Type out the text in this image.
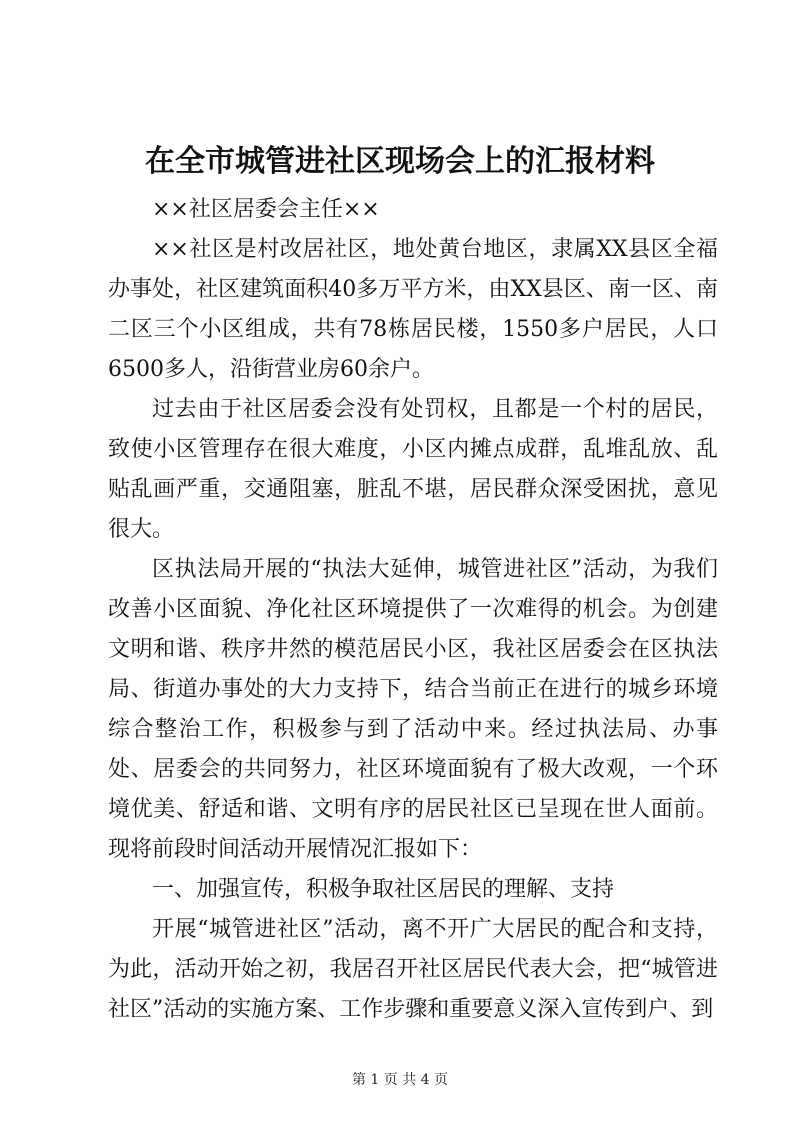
在全市城管进社区现场会上的汇报材料

××社区居委会主任××

××社区是村改居社区，地处黄台地区，隶属XX县区全福办事处，社区建筑面积40多万平方米，由XX县区、南一区、南二区三个小区组成，共有78栋居民楼，1550多户居民，人口6500多人，沿街营业房60余户。

过去由于社区居委会没有处罚权，且都是一个村的居民，致使小区管理存在很大难度，小区内摊点成群，乱堆乱放、乱贴乱画严重，交通阻塞，脏乱不堪，居民群众深受困扰，意见很大。

区执法局开展的“执法大延伸，城管进社区”活动，为我们改善小区面貌、净化社区环境提供了一次难得的机会。为创建文明和谐、秩序井然的模范居民小区，我社区居委会在区执法局、街道办事处的大力支持下，结合当前正在进行的城乡环境综合整治工作，积极参与到了活动中来。经过执法局、办事处、居委会的共同努力，社区环境面貌有了极大改观，一个环境优美、舒适和谐、文明有序的居民社区已呈现在世人面前。现将前段时间活动开展情况汇报如下：

一、加强宣传，积极争取社区居民的理解、支持

开展“城管进社区”活动，离不开广大居民的配合和支持，为此，活动开始之初，我居召开社区居民代表大会，把“城管进社区”活动的实施方案、工作步骤和重要意义深入宣传到户、到

第 1 页 共 4 页
